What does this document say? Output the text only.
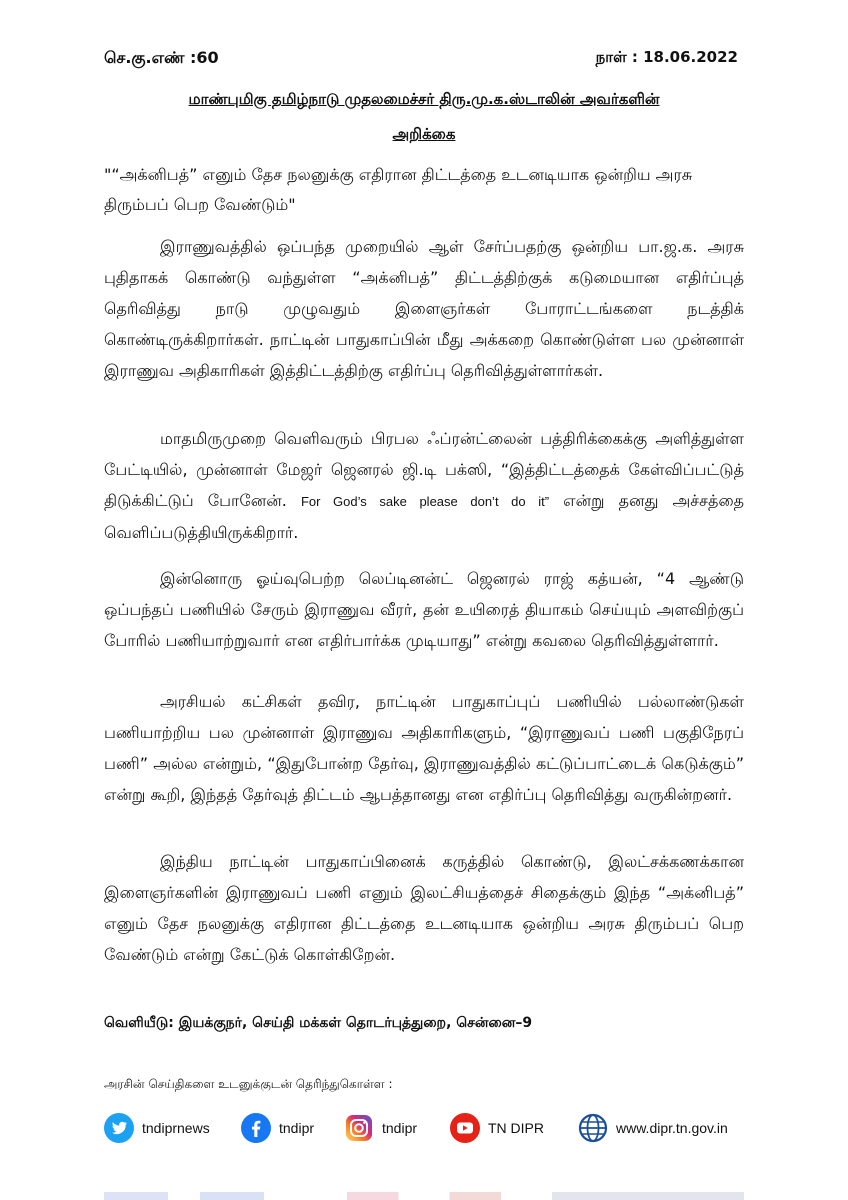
செ.கு.எண் :60	நாள் : 18.06.2022
மாண்புமிகு தமிழ்நாடு முதலமைச்சர் திரு.மு.க.ஸ்டாலின் அவர்களின்
அறிக்கை
"“அக்னிபத்” எனும் தேச நலனுக்கு எதிரான திட்டத்தை உடனடியாக ஒன்றிய அரசு திரும்பப் பெற வேண்டும்"

இராணுவத்தில் ஒப்பந்த முறையில் ஆள் சேர்ப்பதற்கு ஒன்றிய பா.ஜ.க. அரசு புதிதாகக் கொண்டு வந்துள்ள “அக்னிபத்” திட்டத்திற்குக் கடுமையான எதிர்ப்புத் தெரிவித்து நாடு முழுவதும் இளைஞர்கள் போராட்டங்களை நடத்திக் கொண்டிருக்கிறார்கள். நாட்டின் பாதுகாப்பின் மீது அக்கறை கொண்டுள்ள பல முன்னாள் இராணுவ அதிகாரிகள் இத்திட்டத்திற்கு எதிர்ப்பு தெரிவித்துள்ளார்கள்.

மாதமிருமுறை வெளிவரும் பிரபல ஃப்ரன்ட்லைன் பத்திரிக்கைக்கு அளித்துள்ள பேட்டியில், முன்னாள் மேஜர் ஜெனரல் ஜி.டி பக்ஸி, “இத்திட்டத்தைக் கேள்விப்பட்டுத் திடுக்கிட்டுப் போனேன். For God’s sake please don’t do it” என்று தனது அச்சத்தை வெளிப்படுத்தியிருக்கிறார்.

இன்னொரு ஓய்வுபெற்ற லெப்டினன்ட் ஜெனரல் ராஜ் கத்யன், “4 ஆண்டு ஒப்பந்தப் பணியில் சேரும் இராணுவ வீரர், தன் உயிரைத் தியாகம் செய்யும் அளவிற்குப் போரில் பணியாற்றுவார் என எதிர்பார்க்க முடியாது” என்று கவலை தெரிவித்துள்ளார்.

அரசியல் கட்சிகள் தவிர, நாட்டின் பாதுகாப்புப் பணியில் பல்லாண்டுகள் பணியாற்றிய பல முன்னாள் இராணுவ அதிகாரிகளும், “இராணுவப் பணி பகுதிநேரப் பணி” அல்ல என்றும், “இதுபோன்ற தேர்வு, இராணுவத்தில் கட்டுப்பாட்டைக் கெடுக்கும்” என்று கூறி, இந்தத் தேர்வுத் திட்டம் ஆபத்தானது என எதிர்ப்பு தெரிவித்து வருகின்றனர்.

இந்திய நாட்டின் பாதுகாப்பினைக் கருத்தில் கொண்டு, இலட்சக்கணக்கான இளைஞர்களின் இராணுவப் பணி எனும் இலட்சியத்தைச் சிதைக்கும் இந்த “அக்னிபத்” எனும் தேச நலனுக்கு எதிரான திட்டத்தை உடனடியாக ஒன்றிய அரசு திரும்பப் பெற வேண்டும் என்று கேட்டுக் கொள்கிறேன்.

வெளியீடு: இயக்குநர், செய்தி மக்கள் தொடர்புத்துறை, சென்னை–9
அரசின் செய்திகளை உடனுக்குடன் தெரிந்துகொள்ள :
tndiprnews	tndipr	tndipr	TN DIPR	www.dipr.tn.gov.in
